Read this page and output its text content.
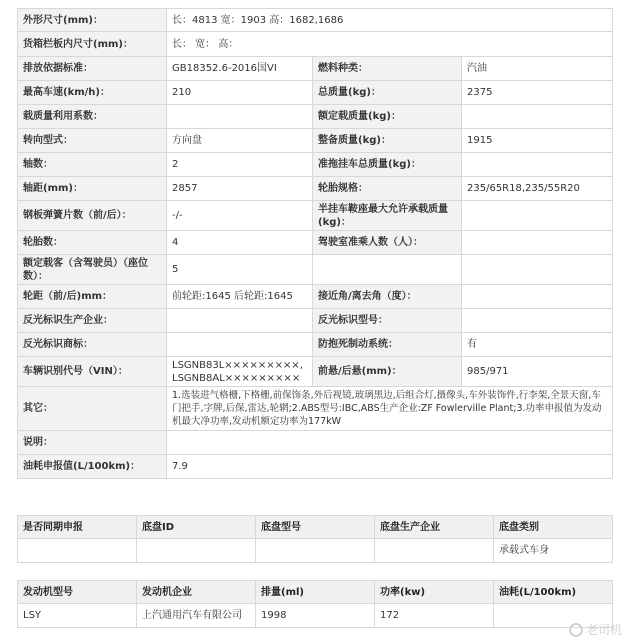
外形尺寸(mm)：	长：4813 宽：1903 高：1682,1686		
货箱栏板内尺寸(mm)：	长： 宽： 高：		
排放依据标准：	GB18352.6-2016国VI	燃料种类：	汽油
最高车速(km/h)：	210	总质量(kg)：	2375
载质量利用系数：		额定载质量(kg)：	
转向型式：	方向盘	整备质量(kg)：	1915
轴数：	2	准拖挂车总质量(kg)：	
轴距(mm)：	2857	轮胎规格：	235/65R18,235/55R20
钢板弹簧片数（前/后）：	-/-	半挂车鞍座最大允许承载质量(kg)：	
轮胎数：	4	驾驶室准乘人数（人）：	
额定载客（含驾驶员）（座位数）：	5		
轮距（前/后)mm：	前轮距:1645 后轮距:1645	接近角/离去角（度）：	
反光标识生产企业：		反光标识型号：	
反光标识商标：		防抱死制动系统：	有
车辆识别代号（VIN）：	LSGNB83L×××××××××,LSGNB8AL×××××××××	前悬/后悬(mm)：	985/971
其它：	1.选装进气格栅,下格栅,前保饰条,外后视镜,玻璃黑边,后组合灯,摄像头,车外装饰件,行李架,全景天窗,车门把手,字牌,后保,雷达,轮辋;2.ABS型号:IBC,ABS生产企业:ZF Fowlerville Plant;3.功率申报值为发动机最大净功率,发动机额定功率为177kW		
说明：			
油耗申报值(L/100km)：	7.9		
是否同期申报	底盘ID	底盘型号	底盘生产企业	底盘类别
				承载式车身
发动机型号	发动机企业	排量(ml)	功率(kw)	油耗(L/100km)
LSY	上汽通用汽车有限公司	1998	172	
老司机
